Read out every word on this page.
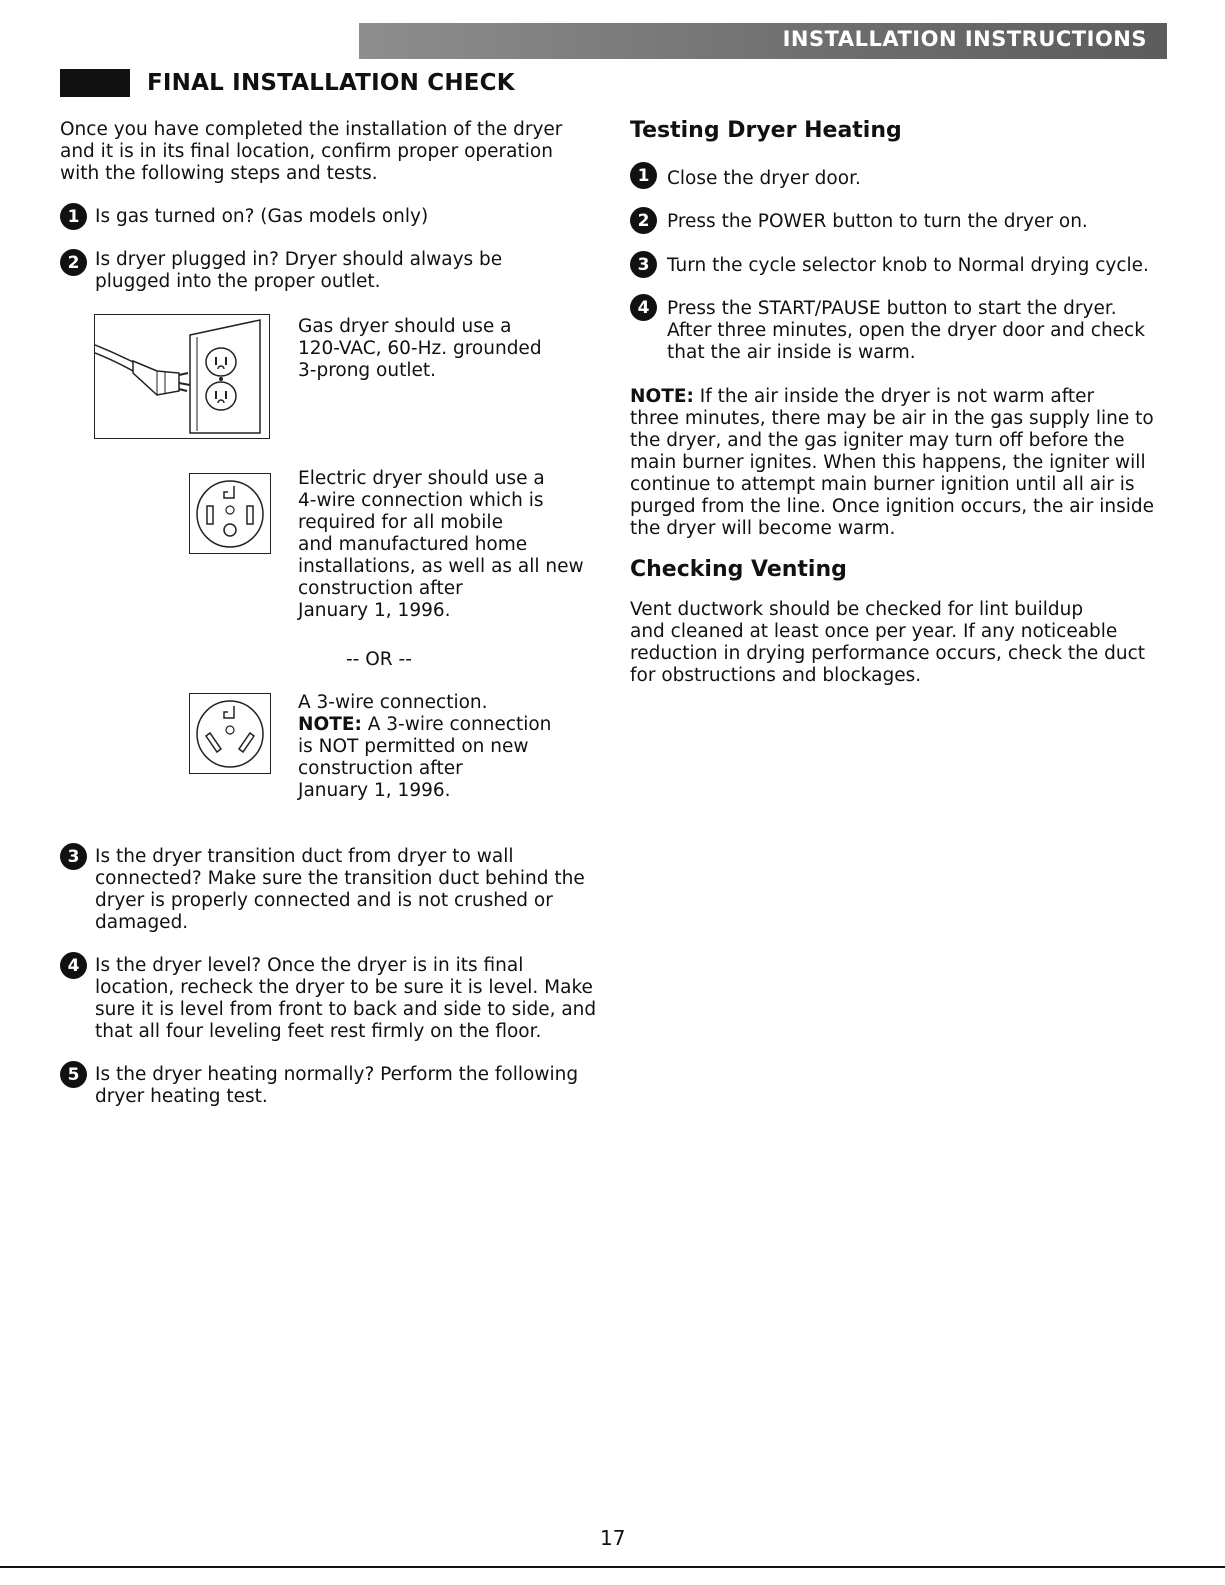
INSTALLATION INSTRUCTIONS
FINAL INSTALLATION CHECK
Once you have completed the installation of the dryer
and it is in its final location, confirm proper operation
with the following steps and tests.
1 Is gas turned on? (Gas models only)
2 Is dryer plugged in? Dryer should always be
plugged into the proper outlet.
Gas dryer should use a
120-VAC, 60-Hz. grounded
3-prong outlet.
Electric dryer should use a
4-wire connection which is
required for all mobile
and manufactured home
installations, as well as all new
construction after
January 1, 1996.
-- OR --
A 3-wire connection.
NOTE: A 3-wire connection
is NOT permitted on new
construction after
January 1, 1996.
3 Is the dryer transition duct from dryer to wall
connected? Make sure the transition duct behind the
dryer is properly connected and is not crushed or
damaged.
4 Is the dryer level? Once the dryer is in its final
location, recheck the dryer to be sure it is level. Make
sure it is level from front to back and side to side, and
that all four leveling feet rest firmly on the floor.
5 Is the dryer heating normally? Perform the following
dryer heating test.
Testing Dryer Heating
1 Close the dryer door.
2 Press the POWER button to turn the dryer on.
3 Turn the cycle selector knob to Normal drying cycle.
4 Press the START/PAUSE button to start the dryer.
After three minutes, open the dryer door and check
that the air inside is warm.
NOTE: If the air inside the dryer is not warm after
three minutes, there may be air in the gas supply line to
the dryer, and the gas igniter may turn off before the
main burner ignites. When this happens, the igniter will
continue to attempt main burner ignition until all air is
purged from the line. Once ignition occurs, the air inside
the dryer will become warm.
Checking Venting
Vent ductwork should be checked for lint buildup
and cleaned at least once per year. If any noticeable
reduction in drying performance occurs, check the duct
for obstructions and blockages.
17
